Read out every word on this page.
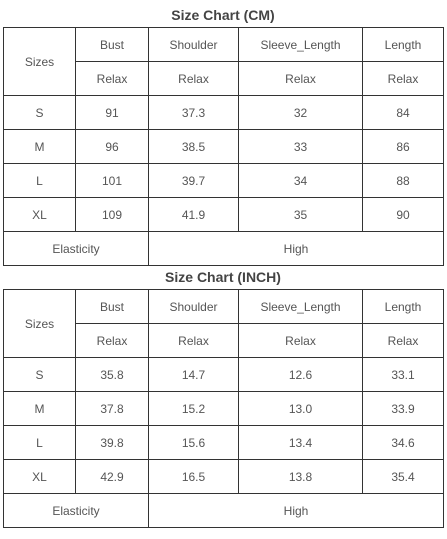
Size Chart (CM)
Sizes	Bust	Shoulder	Sleeve_Length	Length
	Relax	Relax	Relax	Relax
S	91	37.3	32	84
M	96	38.5	33	86
L	101	39.7	34	88
XL	109	41.9	35	90
Elasticity		High		
Size Chart (INCH)
Sizes	Bust	Shoulder	Sleeve_Length	Length
	Relax	Relax	Relax	Relax
S	35.8	14.7	12.6	33.1
M	37.8	15.2	13.0	33.9
L	39.8	15.6	13.4	34.6
XL	42.9	16.5	13.8	35.4
Elasticity		High		
